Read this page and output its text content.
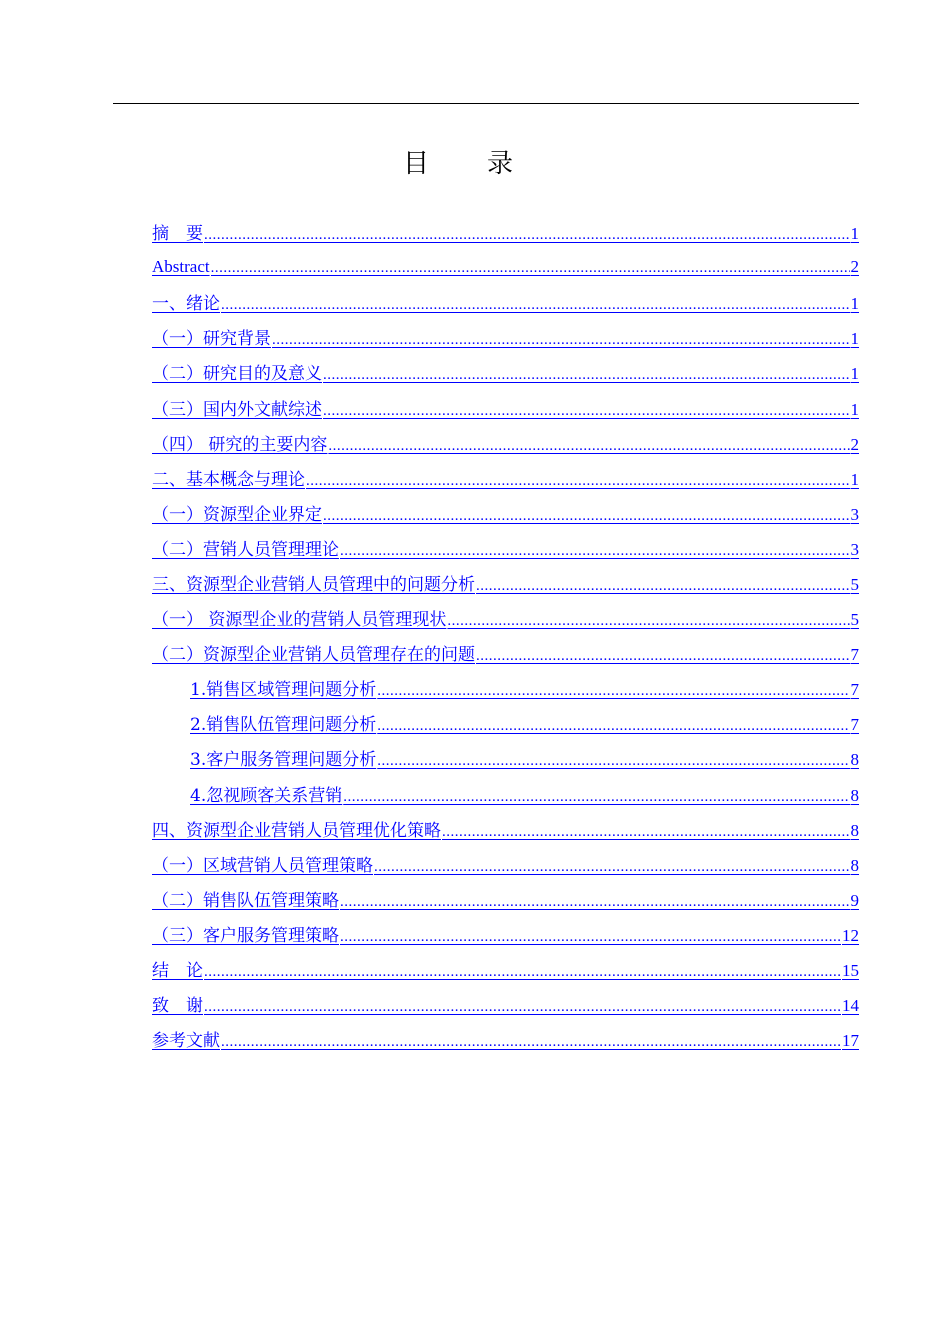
目录
摘　要 .....	1
Abstract .....	2
一、绪论 .....	1
（一）研究背景 .....	1
（二）研究目的及意义 .....	1
（三）国内外文献综述 .....	1
（四） 研究的主要内容 .....	2
二、基本概念与理论 .....	1
（一）资源型企业界定 .....	3
（二）营销人员管理理论 .....	3
三、资源型企业营销人员管理中的问题分析 .....	5
（一） 资源型企业的营销人员管理现状 .....	5
（二）资源型企业营销人员管理存在的问题 .....	7
1.销售区域管理问题分析 .....	7
2.销售队伍管理问题分析 .....	7
3.客户服务管理问题分析 .....	8
4.忽视顾客关系营销 .....	8
四、资源型企业营销人员管理优化策略 .....	8
（一）区域营销人员管理策略 .....	8
（二）销售队伍管理策略 .....	9
（三）客户服务管理策略 .....	12
结　论 .....	15
致　谢 .....	14
参考文献 .....	17
